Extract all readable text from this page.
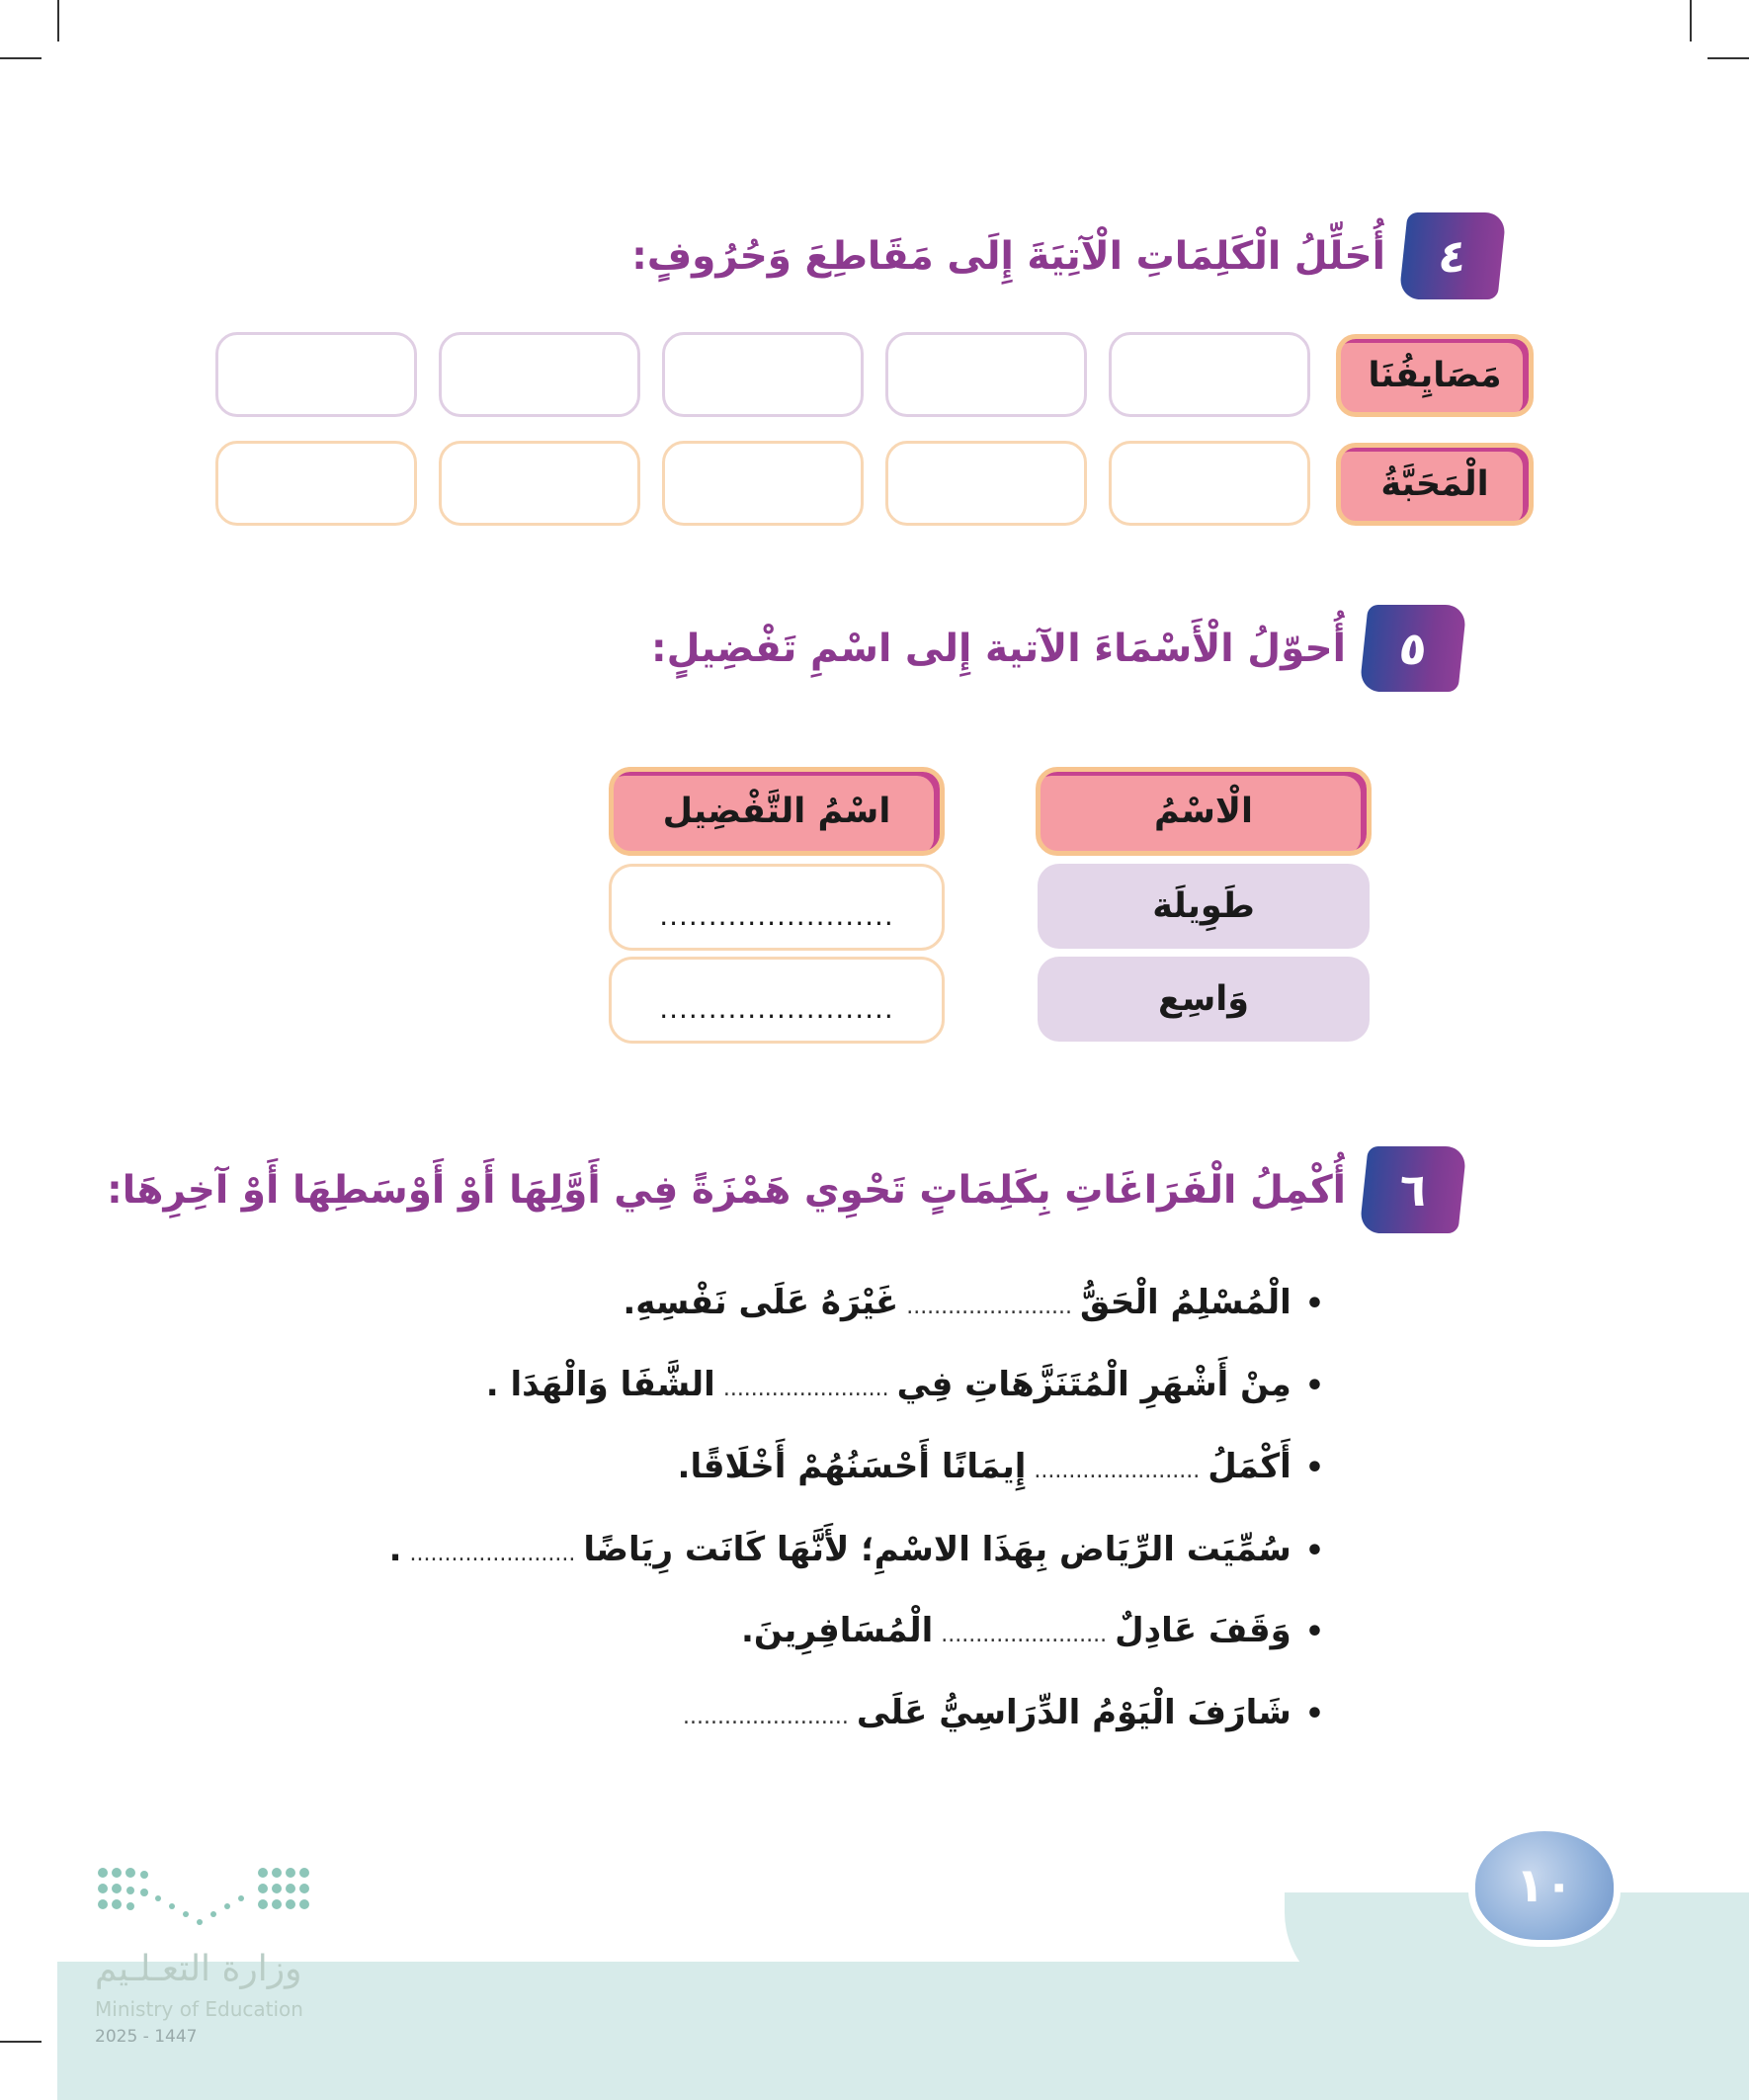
٤
أُحَلِّلُ الْكَلِمَاتِ الْآتِيَةَ إِلَى مَقَاطِعَ وَحُرُوفٍ:
مَصَايِفُنَا
الْمَحَبَّةُ
٥
أُحوّلُ الْأَسْمَاءَ الآتية إِلى اسْمِ تَفْضِيلٍ:
الْاسْمُ
اسْمُ التَّفْضِيل
طَوِيلَة
........................
وَاسِع
........................
٦
أُكْمِلُ الْفَرَاغَاتِ بِكَلِمَاتٍ تَحْوِي هَمْزَةً فِي أَوَّلِهَا أَوْ أَوْسَطِهَا أَوْ آخِرِهَا:
•
الْمُسْلِمُ الْحَقُّ
........................
غَيْرَهُ عَلَى نَفْسِهِ.
•
مِنْ أَشْهَرِ الْمُتَنَزَّهَاتِ فِي
........................
الشَّفَا وَالْهَدَا .
•
أَكْمَلُ
........................
إِيمَانًا أَحْسَنُهُمْ أَخْلَاقًا.
•
سُمِّيَت الرِّيَاض بِهَذَا الاسْمِ؛ لأَنَّهَا كَانَت رِيَاضًا
........................
.
•
وَقَفَ عَادِلٌ
........................
الْمُسَافِرِينَ.
•
شَارَفَ الْيَوْمُ الدِّرَاسِيُّ عَلَى
........................
١٠
وزارة التعـلـيم
Ministry of Education
2025 - 1447
